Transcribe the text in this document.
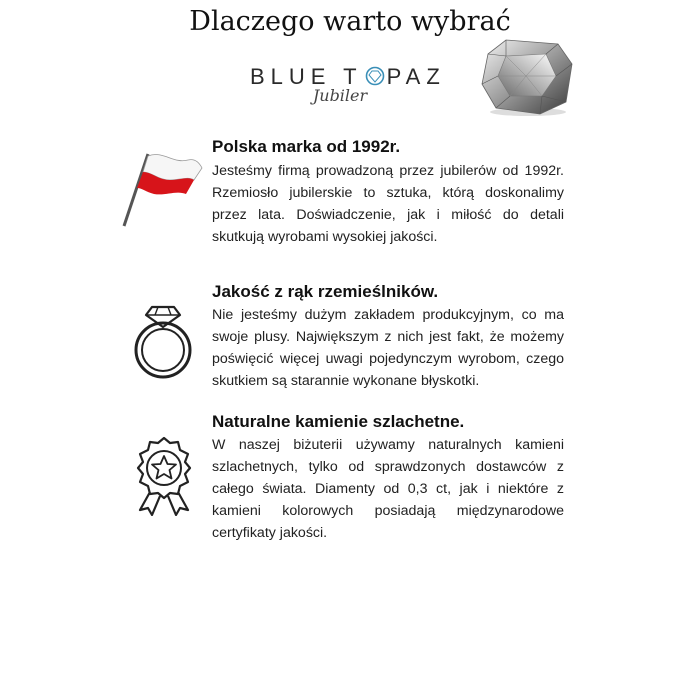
Dlaczego warto wybrać
BLUE T PAZ
Jubiler
Polska marka od 1992r.
Jesteśmy firmą prowadzoną przez jubilerów od 1992r. Rzemiosło jubilerskie to sztuka, którą doskonalimy przez lata. Doświadczenie, jak i miłość do detali skutkują wyrobami wysokiej jakości.
Jakość z rąk rzemieślników.
Nie jesteśmy dużym zakładem produkcyjnym, co ma swoje plusy. Największym z nich jest fakt, że możemy poświęcić więcej uwagi pojedynczym wyrobom, czego skutkiem są starannie wykonane błyskotki.
Naturalne kamienie szlachetne.
W naszej biżuterii używamy naturalnych kamieni szlachetnych, tylko od sprawdzonych dostawców z całego świata. Diamenty od 0,3 ct, jak i niektóre z kamieni kolorowych posiadają międzynarodowe certyfikaty jakości.
